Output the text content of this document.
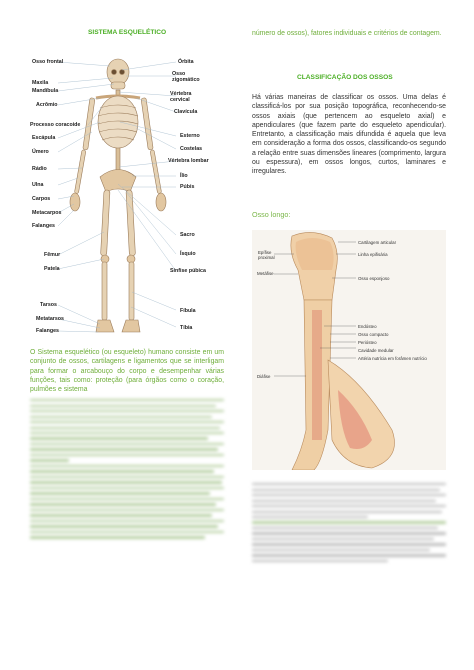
SISTEMA ESQUELÉTICO
Osso frontal
Maxila
Mandíbula
Acrômio
Processo coracoide
Escápula
Úmero
Rádio
Ulna
Carpos
Metacarpos
Falanges
Fêmur
Patela
Tarsos
Metatarsos
Falanges
Órbita
Osso zigomático
Vértebra cervical
Clavícula
Esterno
Costelas
Vértebra lombar
Ílio
Púbis
Sacro
Ísquio
Sínfise púbica
Fíbula
Tíbia
O Sistema esquelético (ou esqueleto) humano consiste em um conjunto de ossos, cartilagens e ligamentos que se interligam para formar o arcabouço do corpo e desempenhar várias funções, tais como: proteção (para órgãos como o coração, pulmões e sistema
número de ossos), fatores individuais e critérios de contagem.
CLASSIFICAÇÃO DOS OSSOS
Há várias maneiras de classificar os ossos. Uma delas é classificá-los por sua posição topográfica, reconhecendo-se ossos axiais (que pertencem ao esqueleto axial) e apendiculares (que fazem parte do esqueleto apendicular). Entretanto, a classificação mais difundida é aquela que leva em consideração a forma dos ossos, classificando-os segundo a relação entre suas dimensões lineares (comprimento, largura ou espessura), em ossos longos, curtos, laminares e irregulares.
Osso longo:
Epífise proximal
Metáfise
Diáfise
Cartilagem articular
Linha epifisária
Osso esponjoso
Endósteo
Osso compacto
Periósteo
Cavidade medular
Artéria nutrícia em forâmen nutrício
